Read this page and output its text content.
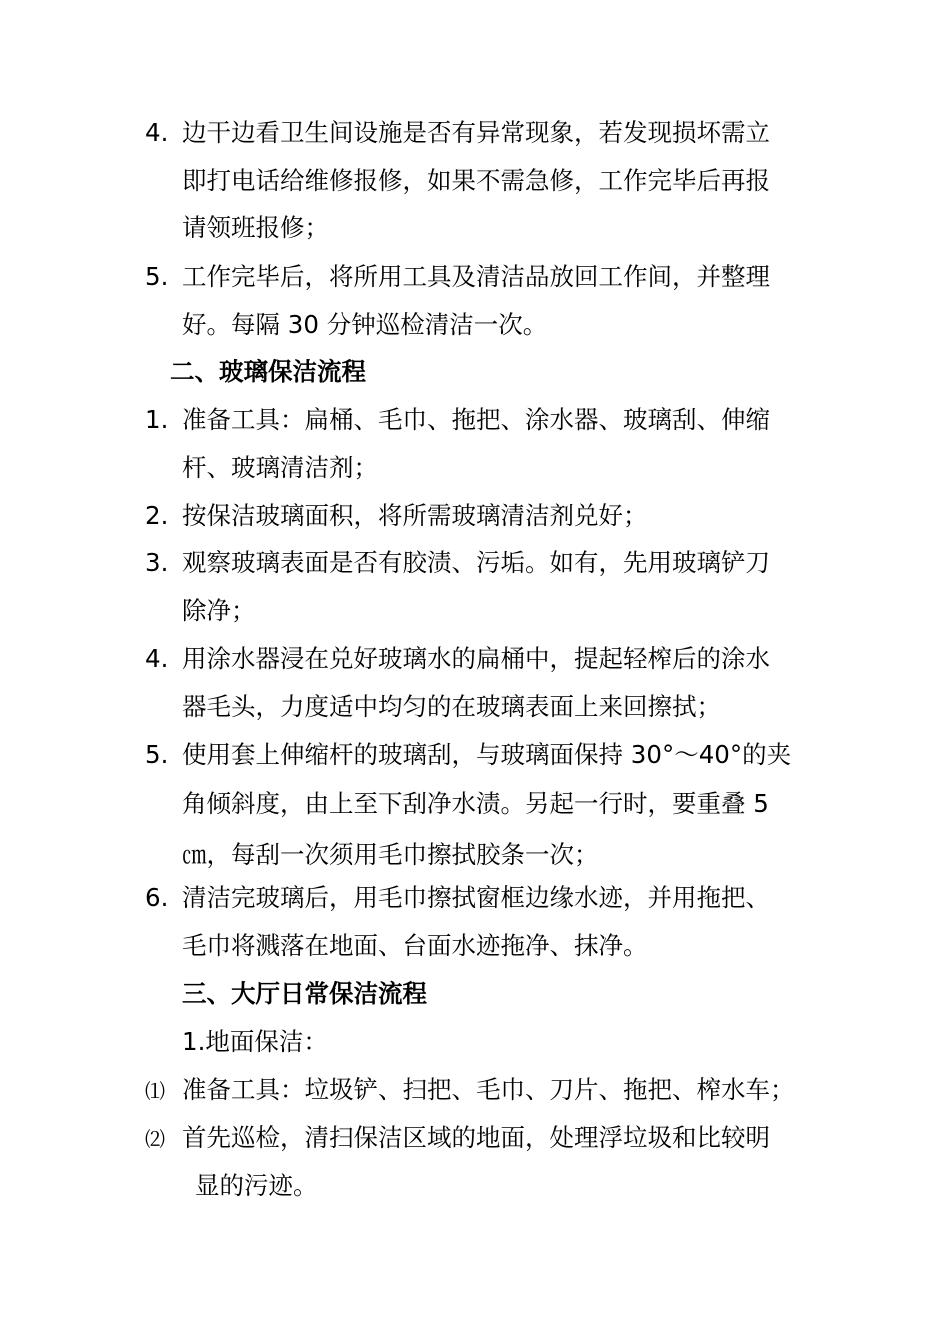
4. 边干边看卫生间设施是否有异常现象，若发现损坏需立
即打电话给维修报修，如果不需急修，工作完毕后再报
请领班报修；
5. 工作完毕后，将所用工具及清洁品放回工作间，并整理
好。每隔 30 分钟巡检清洁一次。
二、玻璃保洁流程
1. 准备工具：扁桶、毛巾、拖把、涂水器、玻璃刮、伸缩
杆、玻璃清洁剂；
2. 按保洁玻璃面积，将所需玻璃清洁剂兑好；
3. 观察玻璃表面是否有胶渍、污垢。如有，先用玻璃铲刀
除净；
4. 用涂水器浸在兑好玻璃水的扁桶中，提起轻榨后的涂水
器毛头，力度适中均匀的在玻璃表面上来回擦拭；
5. 使用套上伸缩杆的玻璃刮，与玻璃面保持 30°～40°的夹
角倾斜度，由上至下刮净水渍。另起一行时，要重叠 5
㎝，每刮一次须用毛巾擦拭胶条一次；
6. 清洁完玻璃后，用毛巾擦拭窗框边缘水迹，并用拖把、
毛巾将溅落在地面、台面水迹拖净、抹净。
三、大厅日常保洁流程
1.地面保洁：
⑴ 准备工具：垃圾铲、扫把、毛巾、刀片、拖把、榨水车；
⑵ 首先巡检，清扫保洁区域的地面，处理浮垃圾和比较明
显的污迹。
